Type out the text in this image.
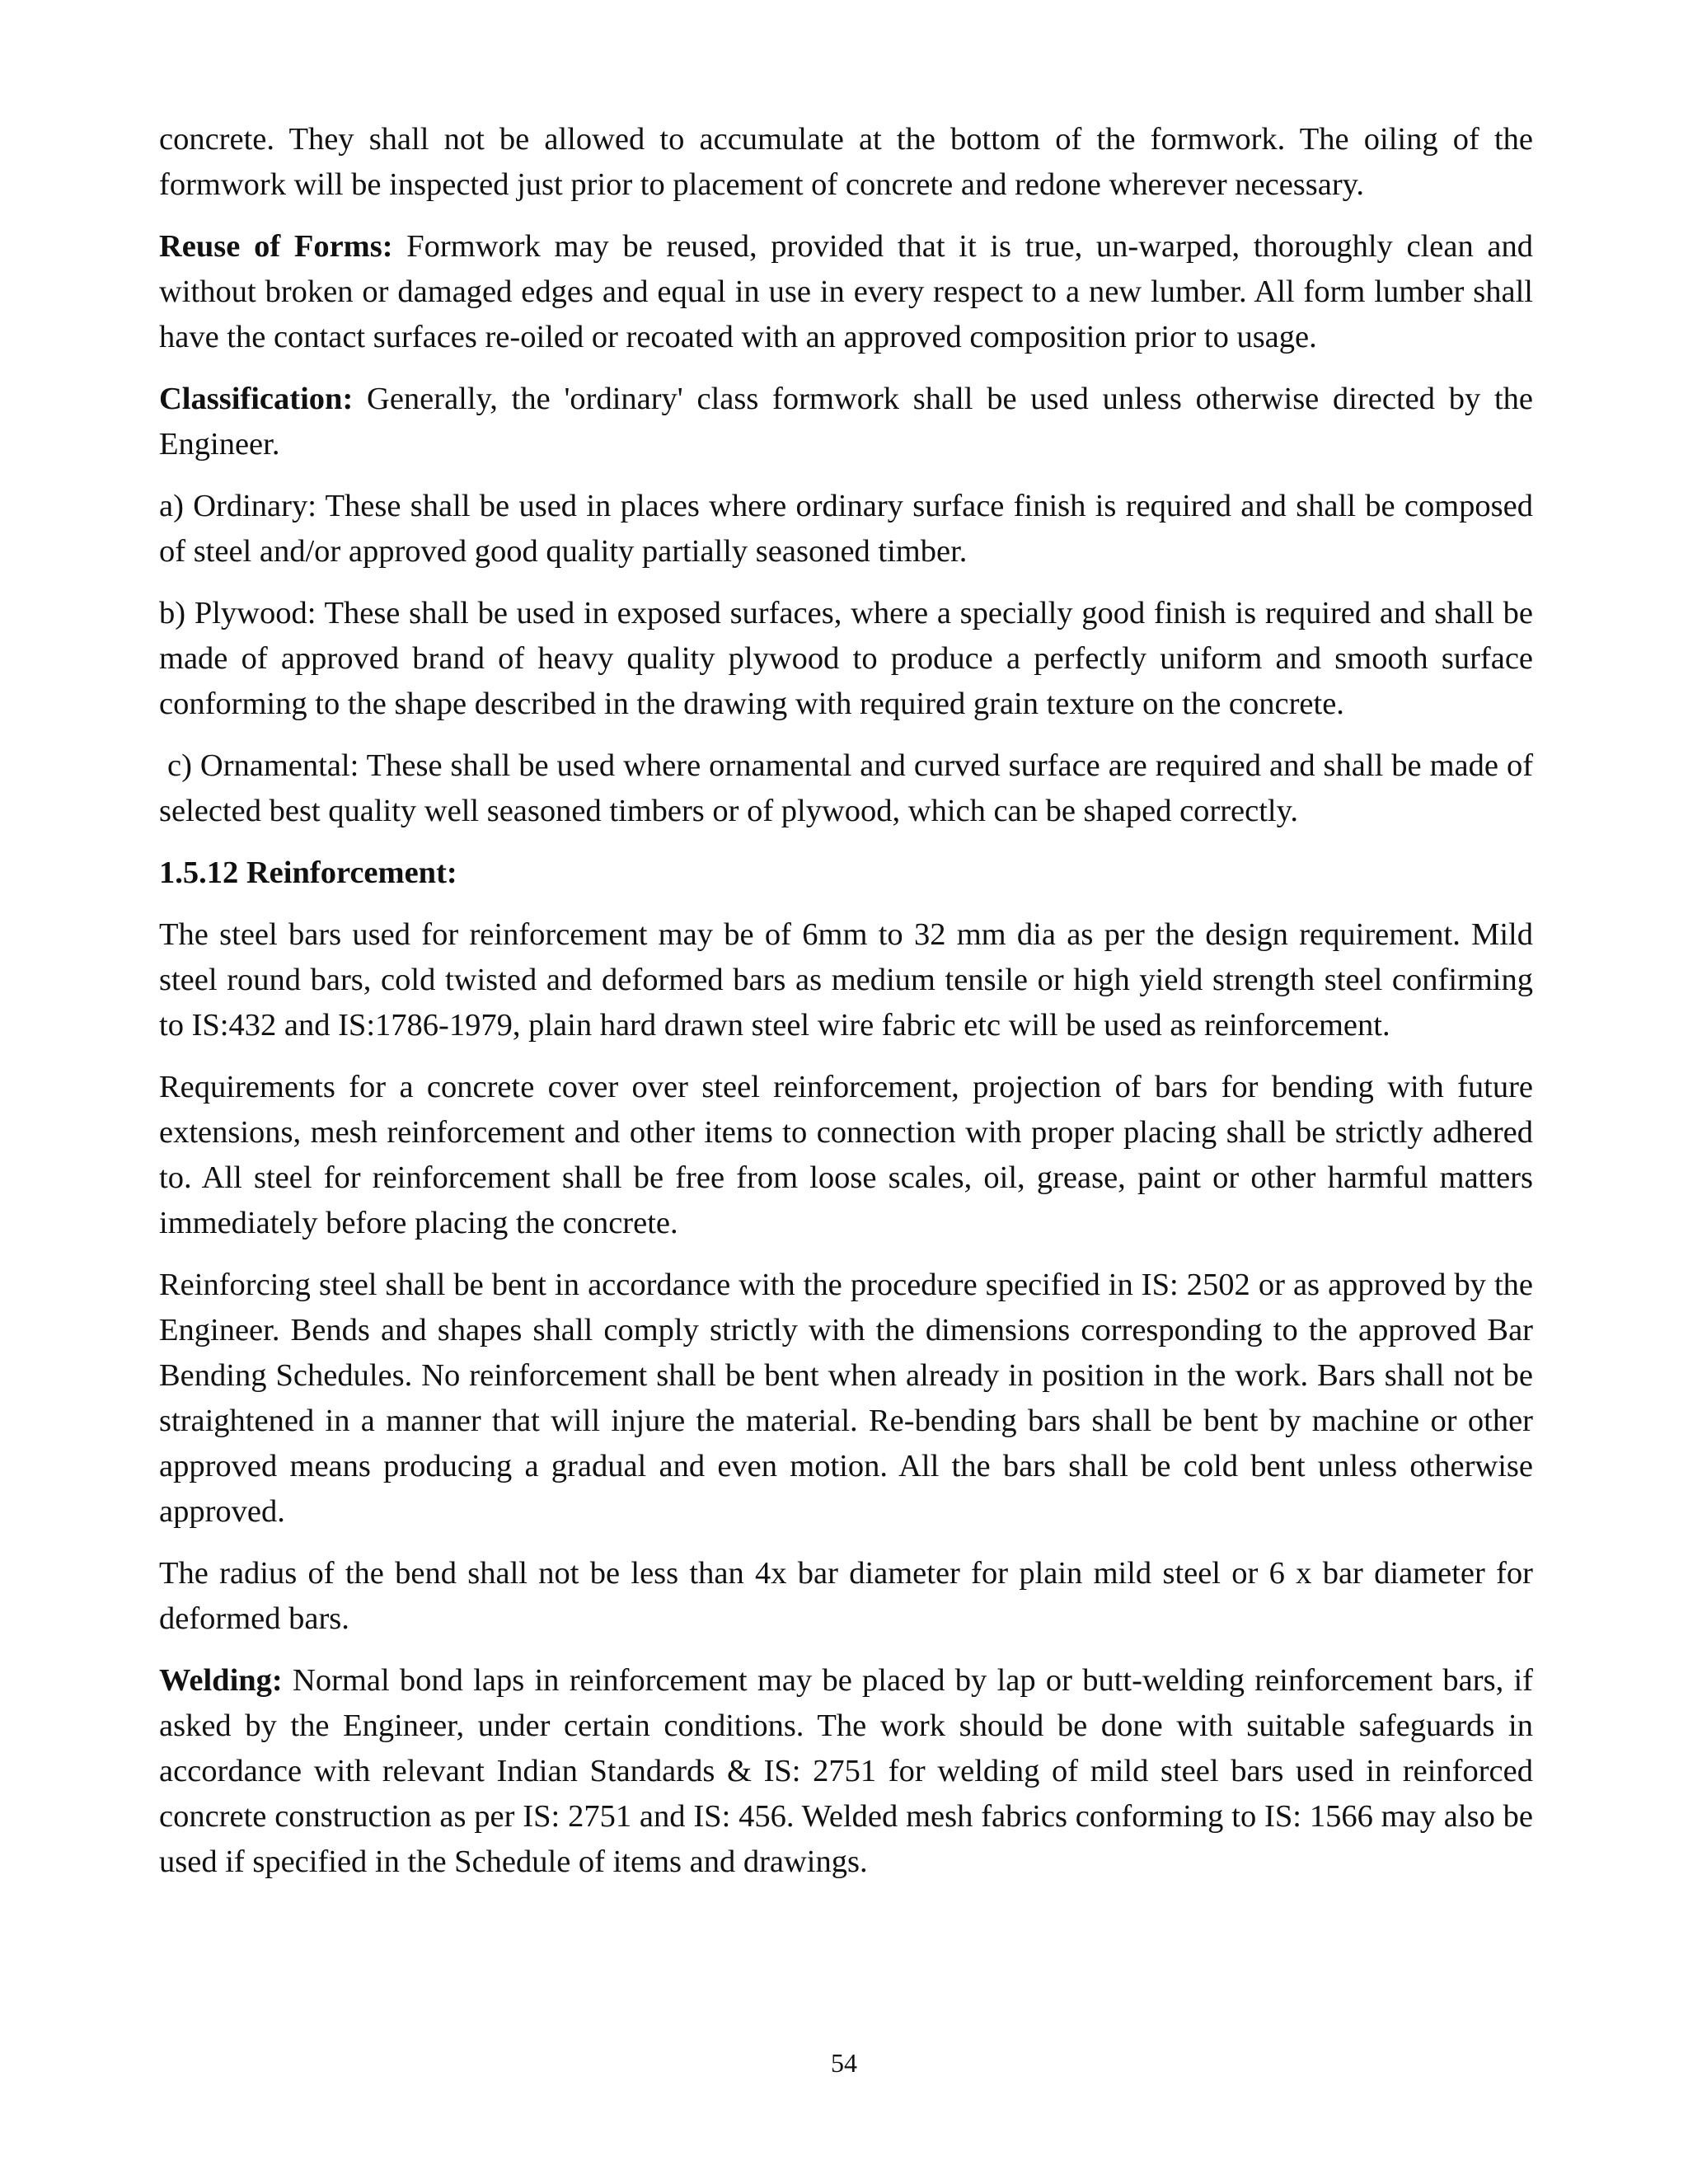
concrete. They shall not be allowed to accumulate at the bottom of the formwork. The oiling of the formwork will be inspected just prior to placement of concrete and redone wherever necessary.

Reuse of Forms: Formwork may be reused, provided that it is true, un-warped, thoroughly clean and without broken or damaged edges and equal in use in every respect to a new lumber. All form lumber shall have the contact surfaces re-oiled or recoated with an approved composition prior to usage.

Classification: Generally, the 'ordinary' class formwork shall be used unless otherwise directed by the Engineer.

a) Ordinary: These shall be used in places where ordinary surface finish is required and shall be composed of steel and/or approved good quality partially seasoned timber.

b) Plywood: These shall be used in exposed surfaces, where a specially good finish is required and shall be made of approved brand of heavy quality plywood to produce a perfectly uniform and smooth surface conforming to the shape described in the drawing with required grain texture on the concrete.

c) Ornamental: These shall be used where ornamental and curved surface are required and shall be made of selected best quality well seasoned timbers or of plywood, which can be shaped correctly.

1.5.12 Reinforcement:

The steel bars used for reinforcement may be of 6mm to 32 mm dia as per the design requirement. Mild steel round bars, cold twisted and deformed bars as medium tensile or high yield strength steel confirming to IS:432 and IS:1786-1979, plain hard drawn steel wire fabric etc will be used as reinforcement.

Requirements for a concrete cover over steel reinforcement, projection of bars for bending with future extensions, mesh reinforcement and other items to connection with proper placing shall be strictly adhered to. All steel for reinforcement shall be free from loose scales, oil, grease, paint or other harmful matters immediately before placing the concrete.

Reinforcing steel shall be bent in accordance with the procedure specified in IS: 2502 or as approved by the Engineer. Bends and shapes shall comply strictly with the dimensions corresponding to the approved Bar Bending Schedules. No reinforcement shall be bent when already in position in the work. Bars shall not be straightened in a manner that will injure the material. Re-bending bars shall be bent by machine or other approved means producing a gradual and even motion. All the bars shall be cold bent unless otherwise approved.

The radius of the bend shall not be less than 4x bar diameter for plain mild steel or 6 x bar diameter for deformed bars.

Welding: Normal bond laps in reinforcement may be placed by lap or butt-welding reinforcement bars, if asked by the Engineer, under certain conditions. The work should be done with suitable safeguards in accordance with relevant Indian Standards & IS: 2751 for welding of mild steel bars used in reinforced concrete construction as per IS: 2751 and IS: 456. Welded mesh fabrics conforming to IS: 1566 may also be used if specified in the Schedule of items and drawings.

54
